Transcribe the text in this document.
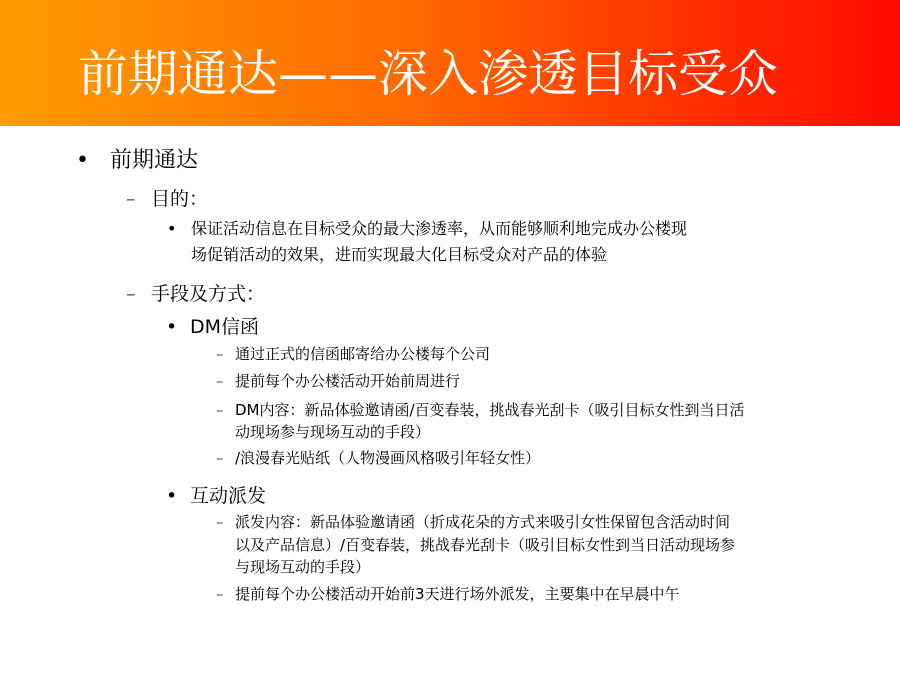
前期通达——深入渗透目标受众
• 前期通达
– 目的：
• 保证活动信息在目标受众的最大渗透率，从而能够顺利地完成办公楼现
场促销活动的效果，进而实现最大化目标受众对产品的体验
– 手段及方式：
• DM信函
– 通过正式的信函邮寄给办公楼每个公司
– 提前每个办公楼活动开始前周进行
– DM内容：新品体验邀请函/百变春装，挑战春光刮卡（吸引目标女性到当日活
动现场参与现场互动的手段）
– /浪漫春光贴纸（人物漫画风格吸引年轻女性）
• 互动派发
– 派发内容：新品体验邀请函（折成花朵的方式来吸引女性保留包含活动时间
以及产品信息）/百变春装，挑战春光刮卡（吸引目标女性到当日活动现场参
与现场互动的手段）
– 提前每个办公楼活动开始前3天进行场外派发，主要集中在早晨中午
